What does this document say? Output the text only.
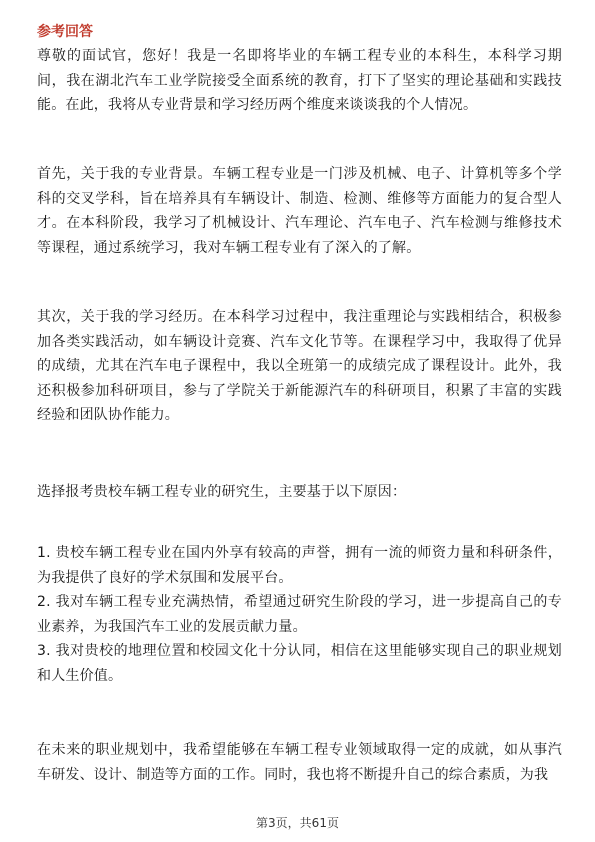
参考回答

尊敬的面试官，您好！我是一名即将毕业的车辆工程专业的本科生，本科学习期间，我在湖北汽车工业学院接受全面系统的教育，打下了坚实的理论基础和实践技能。在此，我将从专业背景和学习经历两个维度来谈谈我的个人情况。

首先，关于我的专业背景。车辆工程专业是一门涉及机械、电子、计算机等多个学科的交叉学科，旨在培养具有车辆设计、制造、检测、维修等方面能力的复合型人才。在本科阶段，我学习了机械设计、汽车理论、汽车电子、汽车检测与维修技术等课程，通过系统学习，我对车辆工程专业有了深入的了解。

其次，关于我的学习经历。在本科学习过程中，我注重理论与实践相结合，积极参加各类实践活动，如车辆设计竞赛、汽车文化节等。在课程学习中，我取得了优异的成绩，尤其在汽车电子课程中，我以全班第一的成绩完成了课程设计。此外，我还积极参加科研项目，参与了学院关于新能源汽车的科研项目，积累了丰富的实践经验和团队协作能力。

选择报考贵校车辆工程专业的研究生，主要基于以下原因：

1. 贵校车辆工程专业在国内外享有较高的声誉，拥有一流的师资力量和科研条件，为我提供了良好的学术氛围和发展平台。
2. 我对车辆工程专业充满热情，希望通过研究生阶段的学习，进一步提高自己的专业素养，为我国汽车工业的发展贡献力量。
3. 我对贵校的地理位置和校园文化十分认同，相信在这里能够实现自己的职业规划和人生价值。

在未来的职业规划中，我希望能够在车辆工程专业领域取得一定的成就，如从事汽车研发、设计、制造等方面的工作。同时，我也将不断提升自己的综合素质，为我

第3页，共61页
